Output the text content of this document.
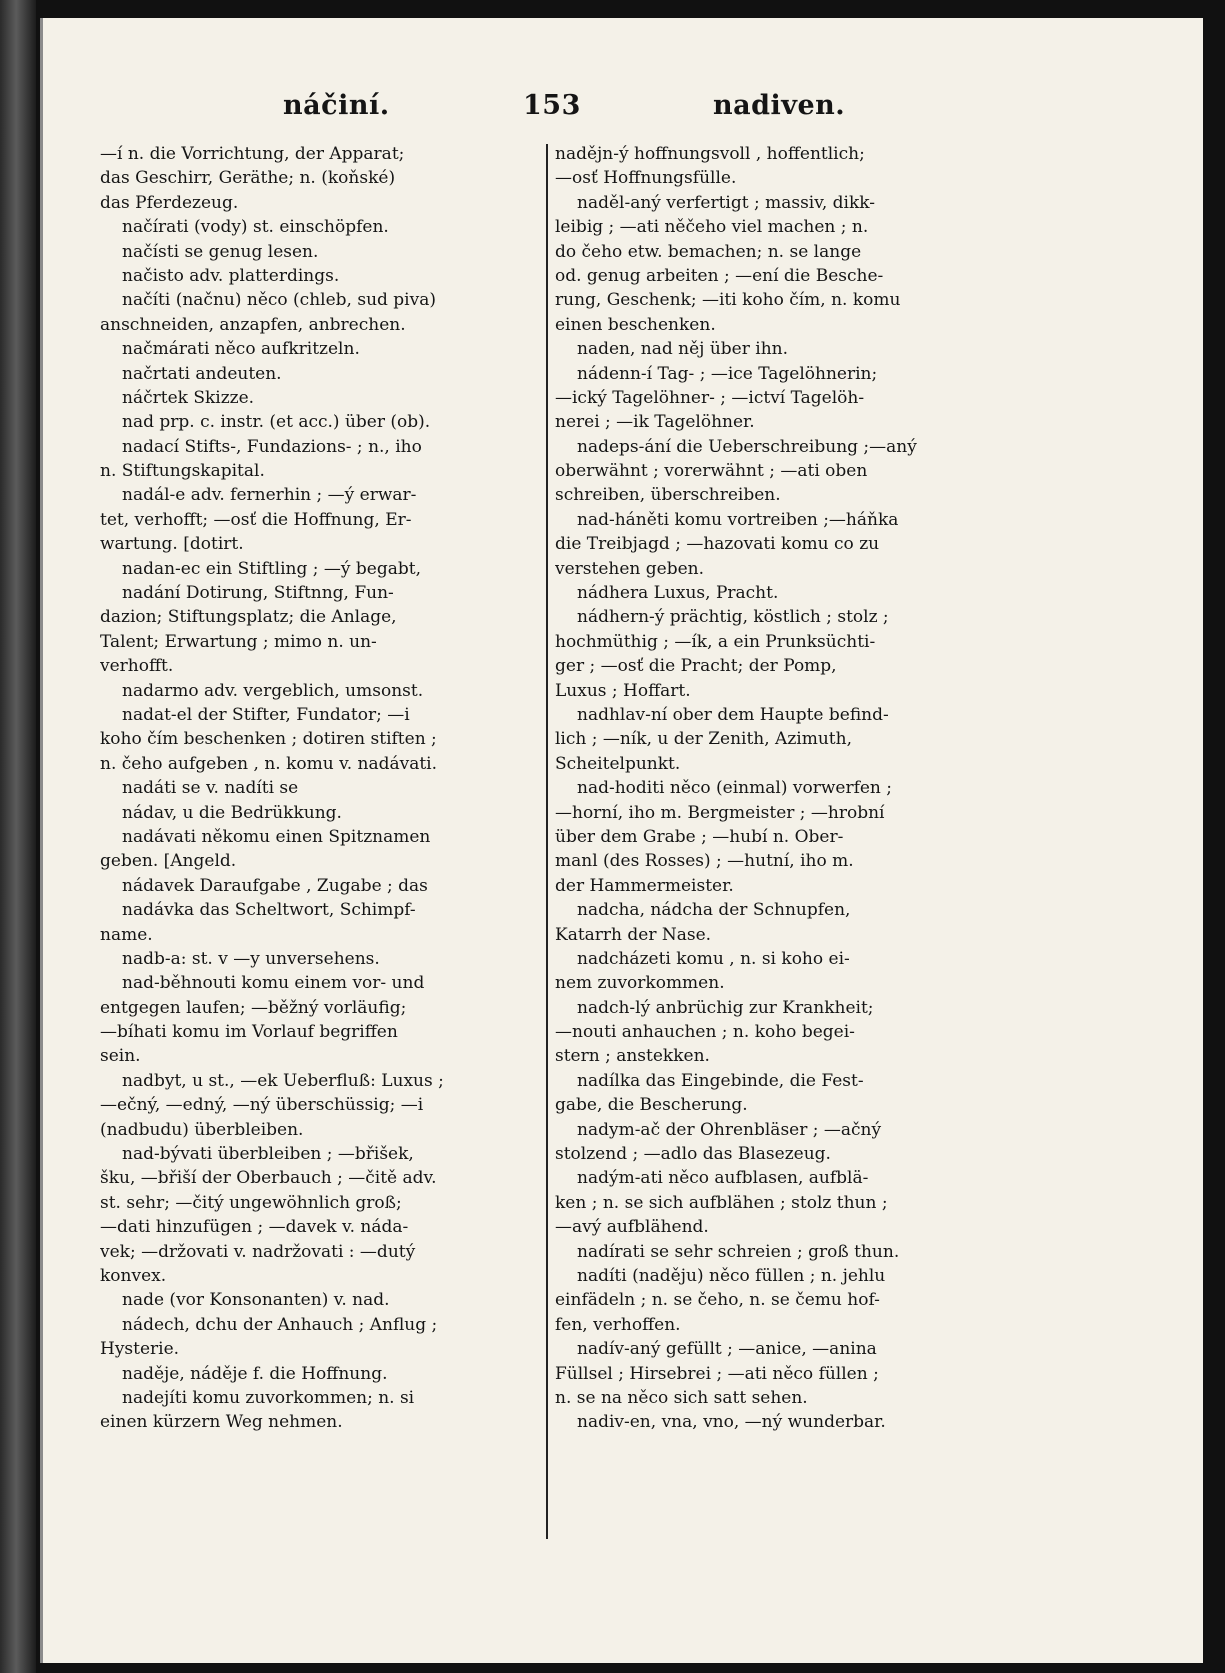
náčiní.	153	nadiven.
—í n. die Vorrichtung, der Apparat;
das Geschirr, Geräthe; n. (koňské)
das Pferdezeug.
načírati (vody) st. einschöpfen.
načísti se genug lesen.
načisto adv. platterdings.
načíti (načnu) něco (chleb, sud piva)
anschneiden, anzapfen, anbrechen.
načmárati něco aufkritzeln.
načrtati andeuten.
náčrtek Skizze.
nad prp. c. instr. (et acc.) über (ob).
nadací Stifts-, Fundazions- ; n., iho
n. Stiftungskapital.
nadál-e adv. fernerhin ; —ý erwar-
tet, verhofft; —osť die Hoffnung, Er-
wartung. [dotirt.
nadan-ec ein Stiftling ; —ý begabt,
nadání Dotirung, Stiftnng, Fun-
dazion; Stiftungsplatz; die Anlage,
Talent; Erwartung ; mimo n. un-
verhofft.
nadarmo adv. vergeblich, umsonst.
nadat-el der Stifter, Fundator; —i
koho čím beschenken ; dotiren stiften ;
n. čeho aufgeben , n. komu v. nadávati.
nadáti se v. nadíti se
nádav, u die Bedrükkung.
nadávati někomu einen Spitznamen
geben. [Angeld.
nádavek Daraufgabe , Zugabe ; das
nadávka das Scheltwort, Schimpf-
name.
nadb-a: st. v —y unversehens.
nad-běhnouti komu einem vor- und
entgegen laufen; —běžný vorläufig;
—bíhati komu im Vorlauf begriffen
sein.
nadbyt, u st., —ek Ueberfluß: Luxus ;
—ečný, —edný, —ný überschüssig; —i
(nadbudu) überbleiben.
nad-bývati überbleiben ; —břišek,
šku, —břiší der Oberbauch ; —čitě adv.
st. sehr; —čitý ungewöhnlich groß;
—dati hinzufügen ; —davek v. náda-
vek; —držovati v. nadržovati : —dutý
konvex.
nade (vor Konsonanten) v. nad.
nádech, dchu der Anhauch ; Anflug ;
Hysterie.
naděje, náděje f. die Hoffnung.
nadejíti komu zuvorkommen; n. si
einen kürzern Weg nehmen.
naděјn-ý hoffnungsvoll , hoffentlich;
—osť Hoffnungsfülle.
naděl-aný verfertigt ; massiv, dikk-
leibig ; —ati něčeho viel machen ; n.
do čeho etw. bemachen; n. se lange
od. genug arbeiten ; —ení die Besche-
rung, Geschenk; —iti koho čím, n. komu
einen beschenken.
naden, nad něj über ihn.
nádenn-í Tag- ; —ice Tagelöhnerin;
—ický Tagelöhner- ; —ictví Tagelöh-
nerei ; —ik Tagelöhner.
nadeps-ání die Ueberschreibung ;—aný
oberwähnt ; vorerwähnt ; —ati oben
schreiben, überschreiben.
nad-háněti komu vortreiben ;—háňka
die Treibjagd ; —hazovati komu co zu
verstehen geben.
nádhera Luxus, Pracht.
nádhern-ý prächtig, köstlich ; stolz ;
hochmüthig ; —ík, a ein Prunksüchti-
ger ; —osť die Pracht; der Pomp,
Luxus ; Hoffart.
nadhlav-ní ober dem Haupte befind-
lich ; —ník, u der Zenith, Azimuth,
Scheitelpunkt.
nad-hoditi něco (einmal) vorwerfen ;
—horní, iho m. Bergmeister ; —hrobní
über dem Grabe ; —hubí n. Ober-
manl (des Rosses) ; —hutní, iho m.
der Hammermeister.
nadcha, nádcha der Schnupfen,
Katarrh der Nase.
nadcházeti komu , n. si koho ei-
nem zuvorkommen.
nadch-lý anbrüchig zur Krankheit;
—nouti anhauchen ; n. koho begei-
stern ; anstekken.
nadílka das Eingebinde, die Fest-
gabe, die Bescherung.
nadym-ač der Ohrenbläser ; —ačný
stolzend ; —adlo das Blasezeug.
nadým-ati něco aufblasen, aufblä-
ken ; n. se sich aufblähen ; stolz thun ;
—avý aufblähend.
nadírati se sehr schreien ; groß thun.
nadíti (naděju) něco füllen ; n. jehlu
einfädeln ; n. se čeho, n. se čemu hof-
fen, verhoffen.
nadív-aný gefüllt ; —anice, —anina
Füllsel ; Hirsebrei ; —ati něco füllen ;
n. se na něco sich satt sehen.
nadiv-en, vna, vno, —ný wunderbar.
